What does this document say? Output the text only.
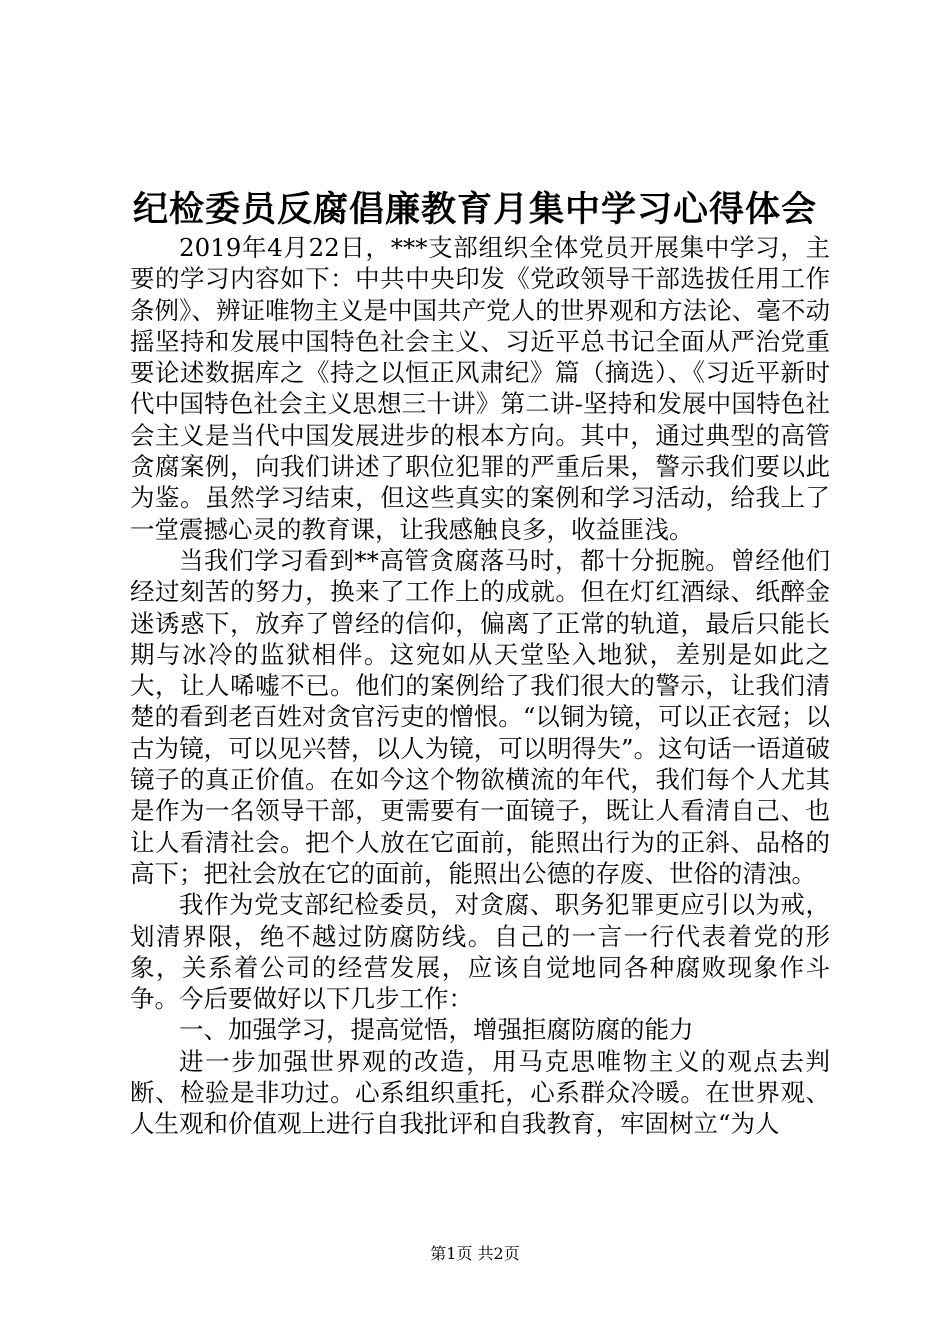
纪检委员反腐倡廉教育月集中学习心得体会

2019年4月22日，***支部组织全体党员开展集中学习，主要的学习内容如下：中共中央印发《党政领导干部选拔任用工作条例》、辨证唯物主义是中国共产党人的世界观和方法论、毫不动摇坚持和发展中国特色社会主义、习近平总书记全面从严治党重要论述数据库之《持之以恒正风肃纪》篇（摘选）、《习近平新时代中国特色社会主义思想三十讲》第二讲-坚持和发展中国特色社会主义是当代中国发展进步的根本方向。其中，通过典型的高管贪腐案例，向我们讲述了职位犯罪的严重后果，警示我们要以此为鉴。虽然学习结束，但这些真实的案例和学习活动，给我上了一堂震撼心灵的教育课，让我感触良多，收益匪浅。

当我们学习看到**高管贪腐落马时，都十分扼腕。曾经他们经过刻苦的努力，换来了工作上的成就。但在灯红酒绿、纸醉金迷诱惑下，放弃了曾经的信仰，偏离了正常的轨道，最后只能长期与冰冷的监狱相伴。这宛如从天堂坠入地狱，差别是如此之大，让人唏嘘不已。他们的案例给了我们很大的警示，让我们清楚的看到老百姓对贪官污吏的憎恨。“以铜为镜，可以正衣冠；以古为镜，可以见兴替，以人为镜，可以明得失”。这句话一语道破镜子的真正价值。在如今这个物欲横流的年代，我们每个人尤其是作为一名领导干部，更需要有一面镜子，既让人看清自己、也让人看清社会。把个人放在它面前，能照出行为的正斜、品格的高下；把社会放在它的面前，能照出公德的存废、世俗的清浊。

我作为党支部纪检委员，对贪腐、职务犯罪更应引以为戒，划清界限，绝不越过防腐防线。自己的一言一行代表着党的形象，关系着公司的经营发展，应该自觉地同各种腐败现象作斗争。今后要做好以下几步工作：

一、加强学习，提高觉悟，增强拒腐防腐的能力

进一步加强世界观的改造，用马克思唯物主义的观点去判断、检验是非功过。心系组织重托，心系群众冷暖。在世界观、人生观和价值观上进行自我批评和自我教育，牢固树立“为人

第1页 共2页
